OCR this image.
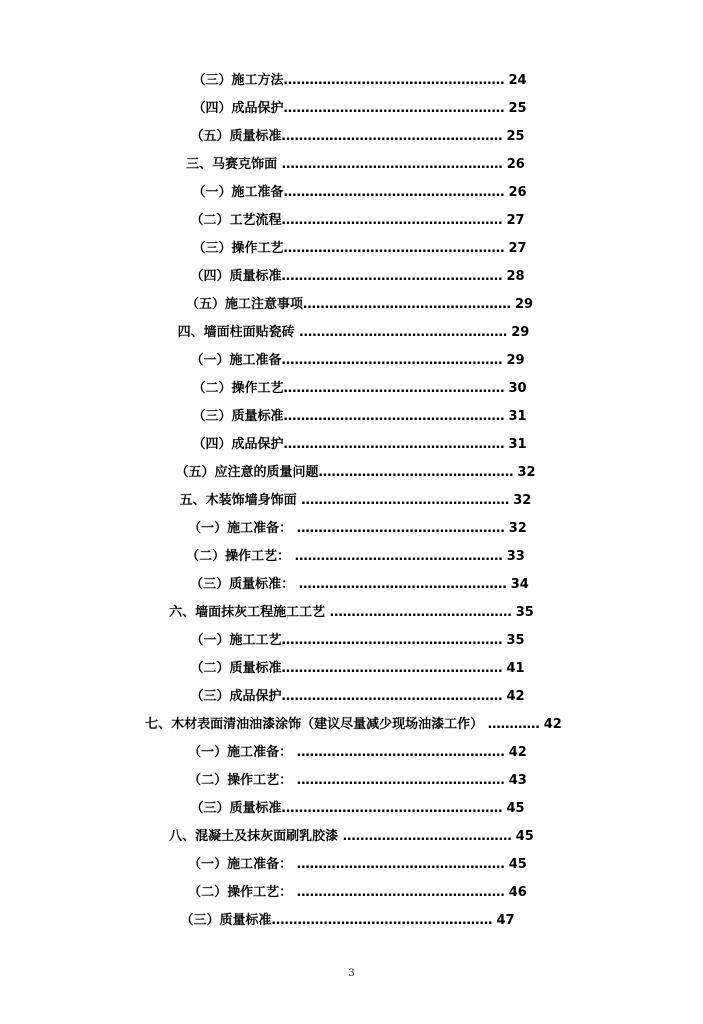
（三）施工方法…………………………………………… 24
（四）成品保护…………………………………………… 25
（五）质量标准…………………………………………… 25
三、马赛克饰面 …………………………………………… 26
（一）施工准备…………………………………………… 26
（二）工艺流程…………………………………………… 27
（三）操作工艺…………………………………………… 27
（四）质量标准…………………………………………… 28
（五）施工注意事项………………………………………… 29
四、墙面柱面贴瓷砖 ………………………………………… 29
（一）施工准备…………………………………………… 29
（二）操作工艺…………………………………………… 30
（三）质量标准…………………………………………… 31
（四）成品保护…………………………………………… 31
（五）应注意的质量问题……………………………………… 32
五、木装饰墙身饰面 ………………………………………… 32
（一）施工准备： ………………………………………… 32
（二）操作工艺： ………………………………………… 33
（三）质量标准： ………………………………………… 34
六、墙面抹灰工程施工工艺 …………………………………… 35
（一）施工工艺…………………………………………… 35
（二）质量标准…………………………………………… 41
（三）成品保护…………………………………………… 42
七、木材表面清油油漆涂饰（建议尽量减少现场油漆工作） ………… 42
（一）施工准备： ………………………………………… 42
（二）操作工艺： ………………………………………… 43
（三）质量标准…………………………………………… 45
八、混凝土及抹灰面刷乳胶漆 ………………………………… 45
（一）施工准备： ………………………………………… 45
（二）操作工艺： ………………………………………… 46
（三）质量标准…………………………………………… 47
3
